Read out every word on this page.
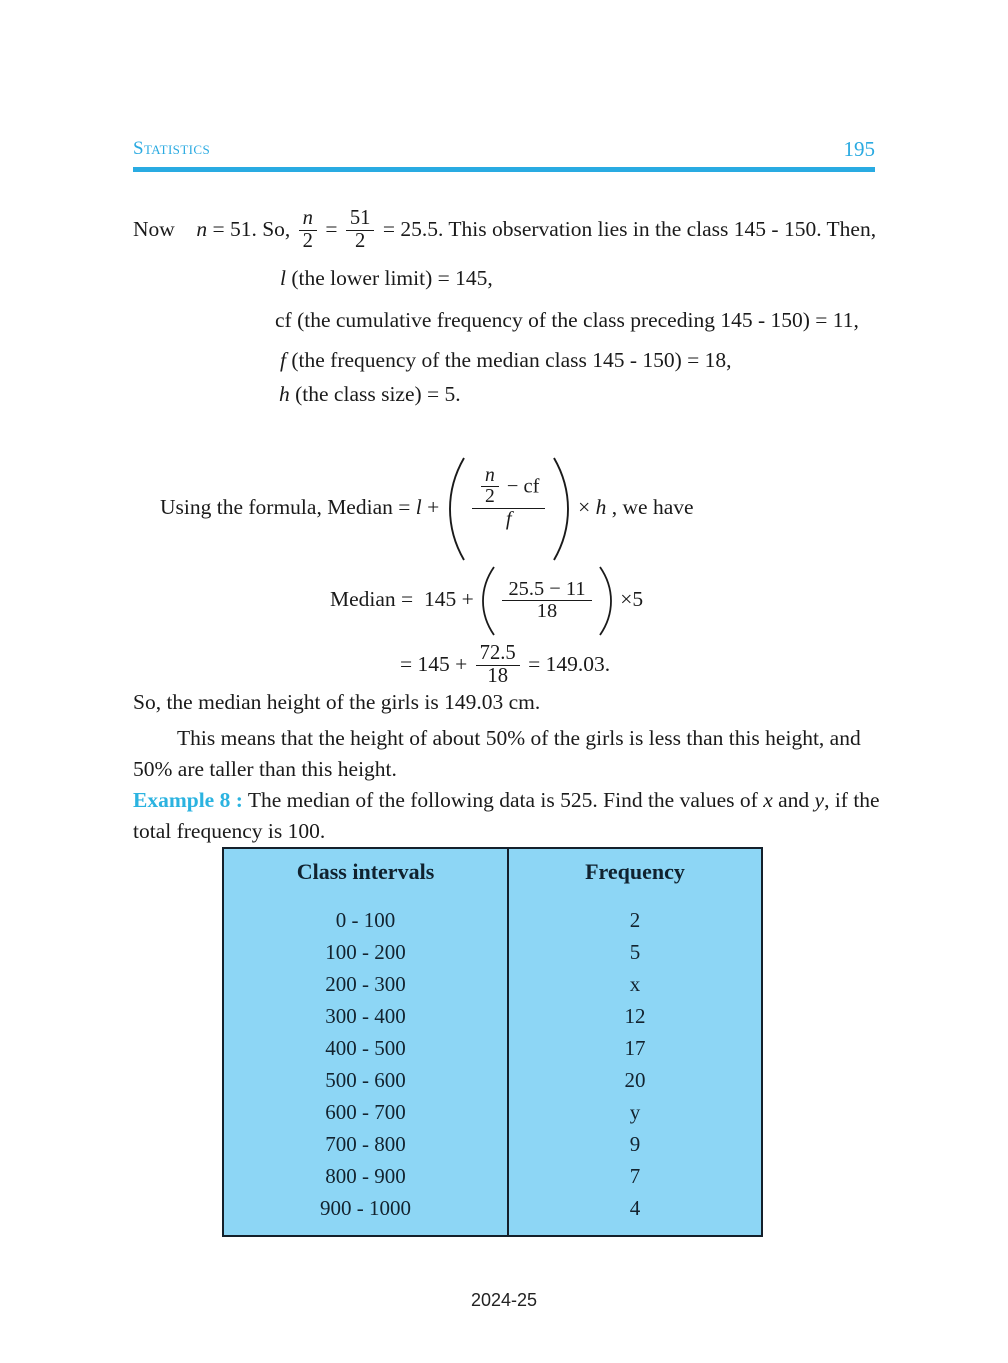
Statistics	195
Now n = 51. So, $\frac{n}{2} = \frac{51}{2} = 25.5$. This observation lies in the class 145 - 150. Then,
l (the lower limit) = 145,
cf (the cumulative frequency of the class preceding 145 - 150) = 11,
f (the frequency of the median class 145 - 150) = 18,
h (the class size) = 5.
Using the formula, Median = l +
$\frac{\frac{n}{2} - cf}{f}$
× h , we have
Median = 145 +
$\frac{25.5 - 11}{18}$
×5
= $145 + \frac{72.5}{18} = 149.03$.
So, the median height of the girls is 149.03 cm.
This means that the height of about 50% of the girls is less than this height, and 50% are taller than this height.
Example 8 : The median of the following data is 525. Find the values of x and y, if the total frequency is 100.
Class intervals	Frequency
0 - 100	2
100 - 200	5
200 - 300	x
300 - 400	12
400 - 500	17
500 - 600	20
600 - 700	y
700 - 800	9
800 - 900	7
900 - 1000	4
2024-25
